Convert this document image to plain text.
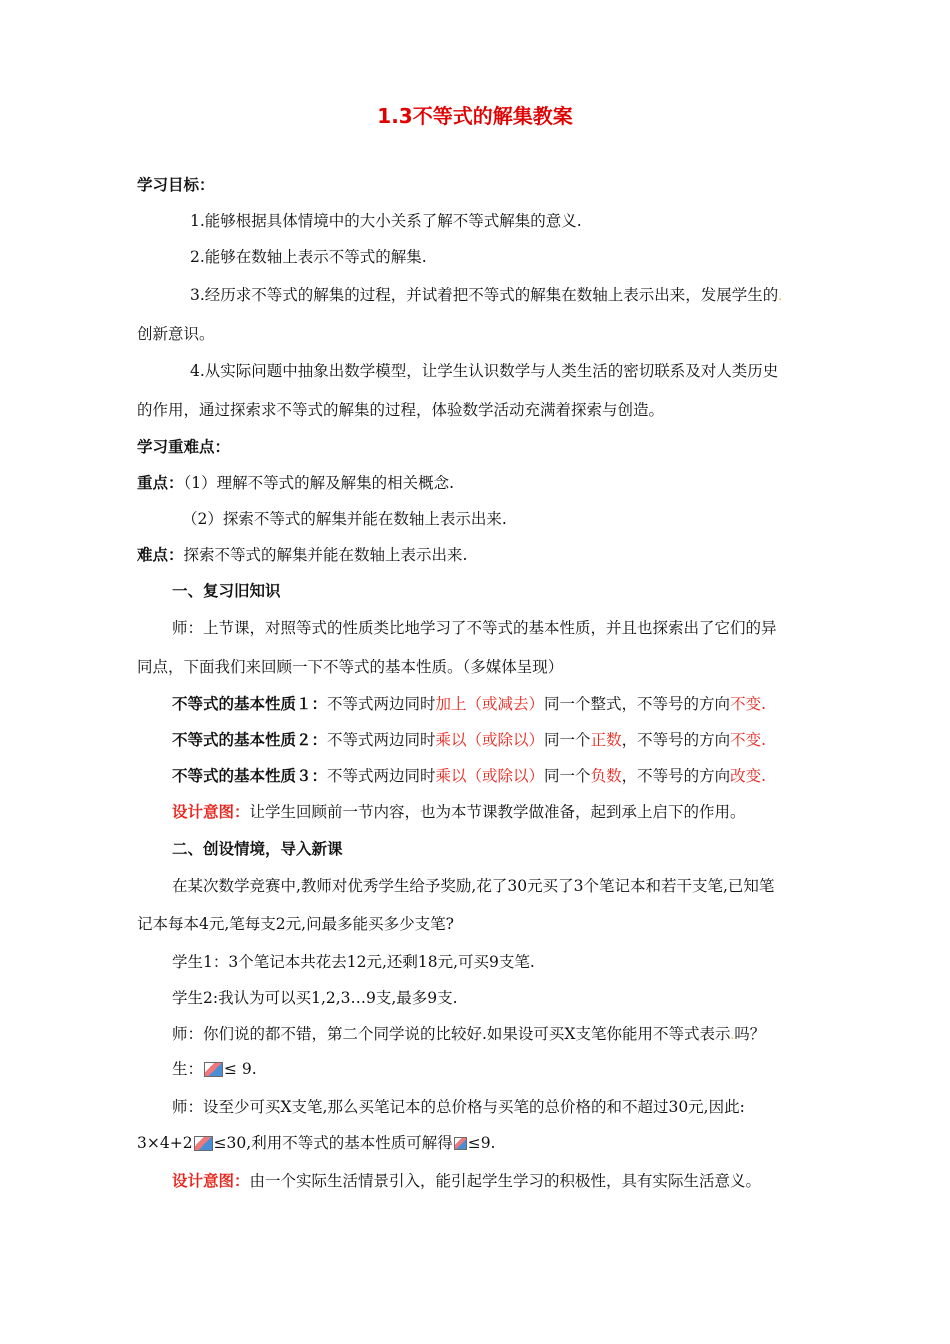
1.3不等式的解集教案
学习目标：
1.能够根据具体情境中的大小关系了解不等式解集的意义.
2.能够在数轴上表示不等式的解集.
3.经历求不等式的解集的过程，并试着把不等式的解集在数轴上表示出来，发展学生的.
创新意识。
4.从实际问题中抽象出数学模型，让学生认识数学与人类生活的密切联系及对人类历史
的作用，通过探索求不等式的解集的过程，体验数学活动充满着探索与创造。
学习重难点：
重点：（1）理解不等式的解及解集的相关概念.
（2）探索不等式的解集并能在数轴上表示出来.
难点：探索不等式的解集并能在数轴上表示出来.
一、复习旧知识
师：上节课，对照等式的性质类比地学习了不等式的基本性质，并且也探索出了它们的异
同点，下面我们来回顾一下不等式的基本性质。（多媒体呈现）
不等式的基本性质１：不等式两边同时加上（或减去）同一个整式，不等号的方向不变.
不等式的基本性质２：不等式两边同时乘以（或除以）同一个正数，不等号的方向不变.
不等式的基本性质３：不等式两边同时乘以（或除以）同一个负数，不等号的方向改变.
设计意图：让学生回顾前一节内容，也为本节课教学做准备，起到承上启下的作用。
二、创设情境，导入新课
在某次数学竞赛中,教师对优秀学生给予奖励,花了30元买了3个笔记本和若干支笔,已知笔
记本每本4元,笔每支2元,问最多能买多少支笔?
学生1：3个笔记本共花去12元,还剩18元,可买9支笔.
学生2:我认为可以买1,2,3…9支,最多9支.
师：你们说的都不错，第二个同学说的比较好.如果设可买X支笔你能用不等式表示.吗？
生： ≤ 9.
师：设至少可买X支笔,那么买笔记本的总价格与买笔的总价格的和不超过30元,因此:
3×4+2 ≤30,利用不等式的基本性质可解得 ≤9.
设计意图：由一个实际生活情景引入，能引起学生学习的积极性，具有实际生活意义。
